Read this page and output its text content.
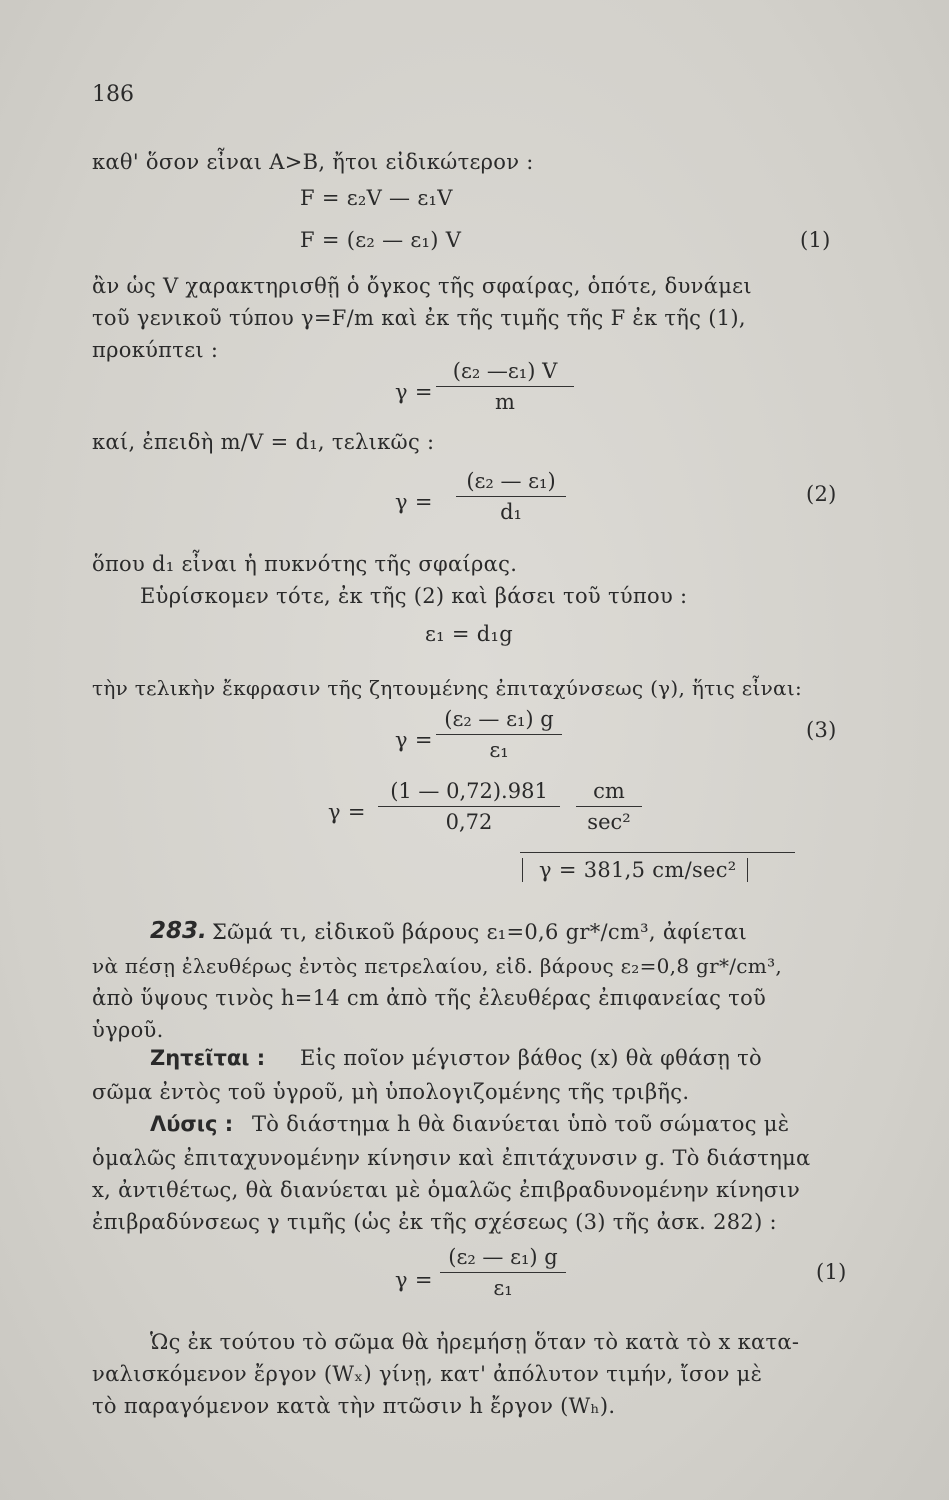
186
καθ' ὅσον εἶναι Α>Β, ἤτοι εἰδικώτερον :
F = ε₂V — ε₁V
F = (ε₂ — ε₁) V	(1)
ἂν ὡς V χαρακτηρισθῇ ὁ ὄγκος τῆς σφαίρας, ὁπότε, δυνάμει
τοῦ γενικοῦ τύπου γ=F/m καὶ ἐκ τῆς τιμῆς τῆς F ἐκ τῆς (1),
προκύπτει :
γ =
(ε₂ —ε₁) V
m
καί, ἐπειδὴ m/V = d₁, τελικῶς :
γ =
(ε₂ — ε₁)
d₁
(2)
ὅπου d₁ εἶναι ἡ πυκνότης τῆς σφαίρας.
Εὑρίσκομεν τότε, ἐκ τῆς (2) καὶ βάσει τοῦ τύπου :
ε₁ = d₁g
τὴν τελικὴν ἔκφρασιν τῆς ζητουμένης ἐπιταχύνσεως (γ), ἥτις εἶναι:
γ =
(ε₂ — ε₁) g
ε₁
(3)
γ =
(1 — 0,72).981
0,72
cm
sec²
γ = 381,5 cm/sec²
283. Σῶμά τι, εἰδικοῦ βάρους ε₁=0,6 gr*/cm³, ἀφίεται
νὰ πέσῃ ἐλευθέρως ἐντὸς πετρελαίου, εἰδ. βάρους ε₂=0,8 gr*/cm³,
ἀπὸ ὕψους τινὸς h=14 cm ἀπὸ τῆς ἐλευθέρας ἐπιφανείας τοῦ
ὑγροῦ.
Ζητεῖται : Εἰς ποῖον μέγιστον βάθος (x) θὰ φθάσῃ τὸ
σῶμα ἐντὸς τοῦ ὑγροῦ, μὴ ὑπολογιζομένης τῆς τριβῆς.
Λύσις : Τὸ διάστημα h θὰ διανύεται ὑπὸ τοῦ σώματος μὲ
ὁμαλῶς ἐπιταχυνομένην κίνησιν καὶ ἐπιτάχυνσιν g. Τὸ διάστημα
x, ἀντιθέτως, θὰ διανύεται μὲ ὁμαλῶς ἐπιβραδυνομένην κίνησιν
ἐπιβραδύνσεως γ τιμῆς (ὡς ἐκ τῆς σχέσεως (3) τῆς ἀσκ. 282) :
γ =
(ε₂ — ε₁) g
ε₁
(1)
Ὡς ἐκ τούτου τὸ σῶμα θὰ ἠρεμήσῃ ὅταν τὸ κατὰ τὸ x κατα-
ναλισκόμενον ἔργον (Wₓ) γίνῃ, κατ' ἀπόλυτον τιμήν, ἴσον μὲ
τὸ παραγόμενον κατὰ τὴν πτῶσιν h ἔργον (Wₕ).
